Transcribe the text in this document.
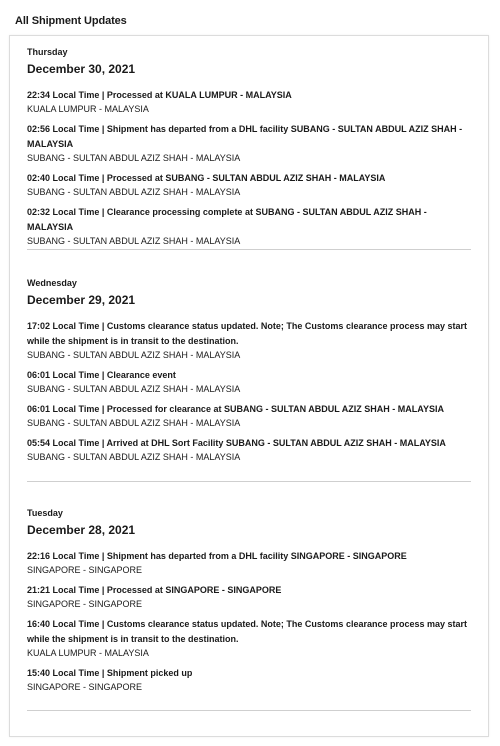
All Shipment Updates
Thursday
December 30, 2021
22:34 Local Time | Processed at KUALA LUMPUR - MALAYSIA
KUALA LUMPUR - MALAYSIA
02:56 Local Time | Shipment has departed from a DHL facility SUBANG - SULTAN ABDUL AZIZ SHAH - MALAYSIA
SUBANG - SULTAN ABDUL AZIZ SHAH - MALAYSIA
02:40 Local Time | Processed at SUBANG - SULTAN ABDUL AZIZ SHAH - MALAYSIA
SUBANG - SULTAN ABDUL AZIZ SHAH - MALAYSIA
02:32 Local Time | Clearance processing complete at SUBANG - SULTAN ABDUL AZIZ SHAH - MALAYSIA
SUBANG - SULTAN ABDUL AZIZ SHAH - MALAYSIA
Wednesday
December 29, 2021
17:02 Local Time | Customs clearance status updated. Note; The Customs clearance process may start while the shipment is in transit to the destination.
SUBANG - SULTAN ABDUL AZIZ SHAH - MALAYSIA
06:01 Local Time | Clearance event
SUBANG - SULTAN ABDUL AZIZ SHAH - MALAYSIA
06:01 Local Time | Processed for clearance at SUBANG - SULTAN ABDUL AZIZ SHAH - MALAYSIA
SUBANG - SULTAN ABDUL AZIZ SHAH - MALAYSIA
05:54 Local Time | Arrived at DHL Sort Facility SUBANG - SULTAN ABDUL AZIZ SHAH - MALAYSIA
SUBANG - SULTAN ABDUL AZIZ SHAH - MALAYSIA
Tuesday
December 28, 2021
22:16 Local Time | Shipment has departed from a DHL facility SINGAPORE - SINGAPORE
SINGAPORE - SINGAPORE
21:21 Local Time | Processed at SINGAPORE - SINGAPORE
SINGAPORE - SINGAPORE
16:40 Local Time | Customs clearance status updated. Note; The Customs clearance process may start while the shipment is in transit to the destination.
KUALA LUMPUR - MALAYSIA
15:40 Local Time | Shipment picked up
SINGAPORE - SINGAPORE
